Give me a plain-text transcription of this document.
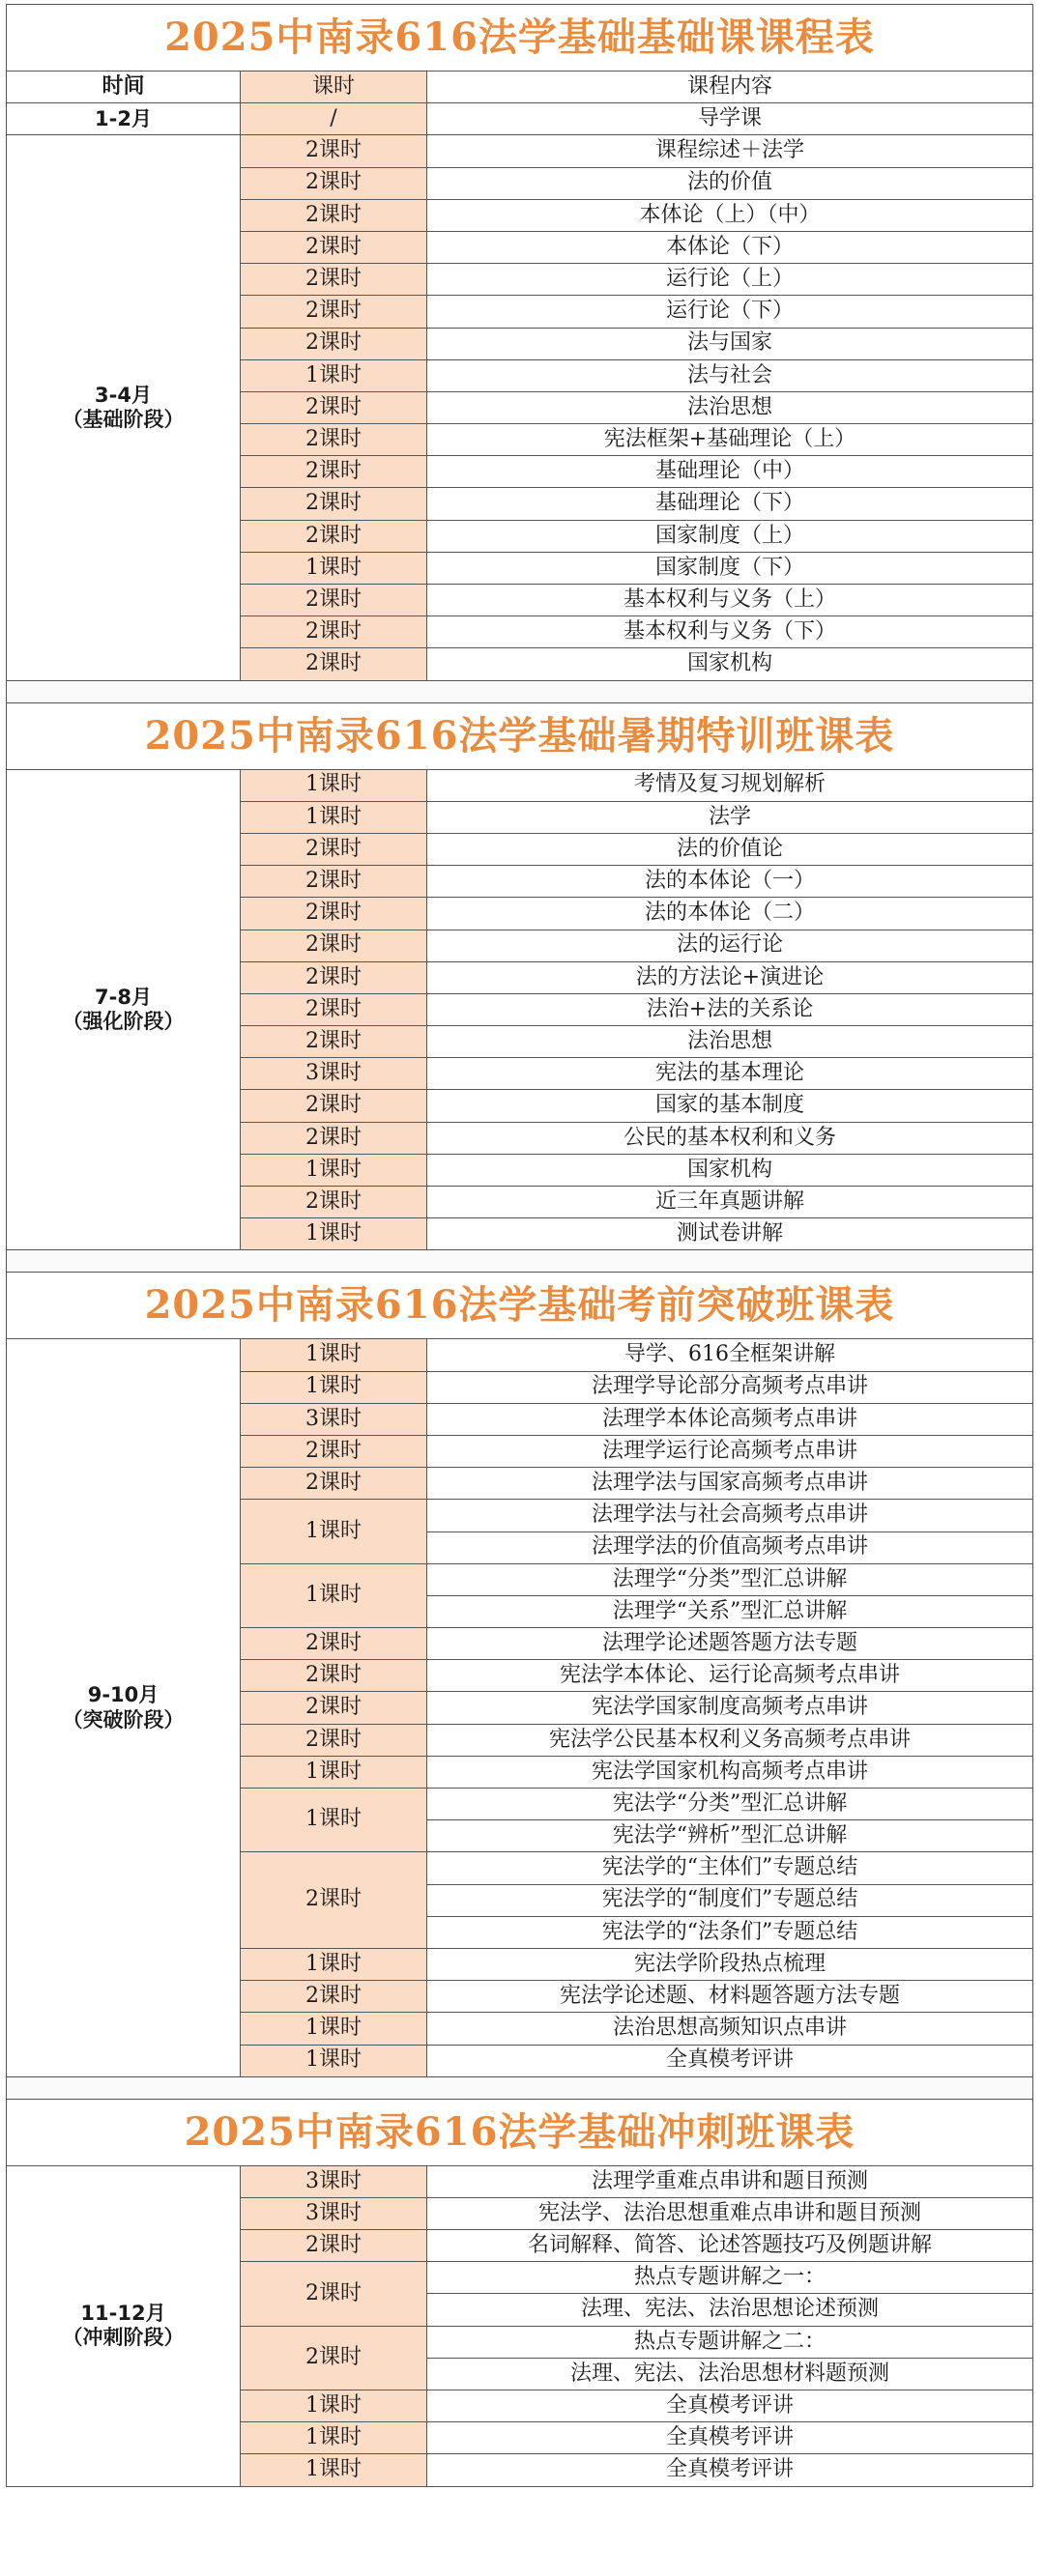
2025中南录616法学基础基础课课程表
时间	课时	课程内容

1-2月	/	导学课

3-4月
（基础阶段）	2课时	课程综述＋法学
	2课时	法的价值
	2课时	本体论（上）（中）
	2课时	本体论（下）
	2课时	运行论（上）
	2课时	运行论（下）
	2课时	法与国家
	1课时	法与社会
	2课时	法治思想
	2课时	宪法框架+基础理论（上）
	2课时	基础理论（中）
	2课时	基础理论（下）
	2课时	国家制度（上）
	1课时	国家制度（下）
	2课时	基本权利与义务（上）
	2课时	基本权利与义务（下）
	2课时	国家机构
2025中南录616法学基础暑期特训班课表
7-8月
（强化阶段）	1课时	考情及复习规划解析
	1课时	法学
	2课时	法的价值论
	2课时	法的本体论（一）
	2课时	法的本体论（二）
	2课时	法的运行论
	2课时	法的方法论+演进论
	2课时	法治+法的关系论
	2课时	法治思想
	3课时	宪法的基本理论
	2课时	国家的基本制度
	2课时	公民的基本权利和义务
	1课时	国家机构
	2课时	近三年真题讲解
	1课时	测试卷讲解
2025中南录616法学基础考前突破班课表
9-10月
（突破阶段）	1课时	导学、616全框架讲解
	1课时	法理学导论部分高频考点串讲
	3课时	法理学本体论高频考点串讲
	2课时	法理学运行论高频考点串讲
	2课时	法理学法与国家高频考点串讲
	1课时	法理学法与社会高频考点串讲
		法理学法的价值高频考点串讲
	1课时	法理学“分类”型汇总讲解
		法理学“关系”型汇总讲解
	2课时	法理学论述题答题方法专题
	2课时	宪法学本体论、运行论高频考点串讲
	2课时	宪法学国家制度高频考点串讲
	2课时	宪法学公民基本权利义务高频考点串讲
	1课时	宪法学国家机构高频考点串讲
	1课时	宪法学“分类”型汇总讲解
		宪法学“辨析”型汇总讲解
	2课时	宪法学的“主体们”专题总结
		宪法学的“制度们”专题总结
		宪法学的“法条们”专题总结
	1课时	宪法学阶段热点梳理
	2课时	宪法学论述题、材料题答题方法专题
	1课时	法治思想高频知识点串讲
	1课时	全真模考评讲
2025中南录616法学基础冲刺班课表
11-12月
（冲刺阶段）	3课时	法理学重难点串讲和题目预测
	3课时	宪法学、法治思想重难点串讲和题目预测
	2课时	名词解释、简答、论述答题技巧及例题讲解
	2课时	热点专题讲解之一：
		法理、宪法、法治思想论述预测
	2课时	热点专题讲解之二：
		法理、宪法、法治思想材料题预测
	1课时	全真模考评讲
	1课时	全真模考评讲
	1课时	全真模考评讲
